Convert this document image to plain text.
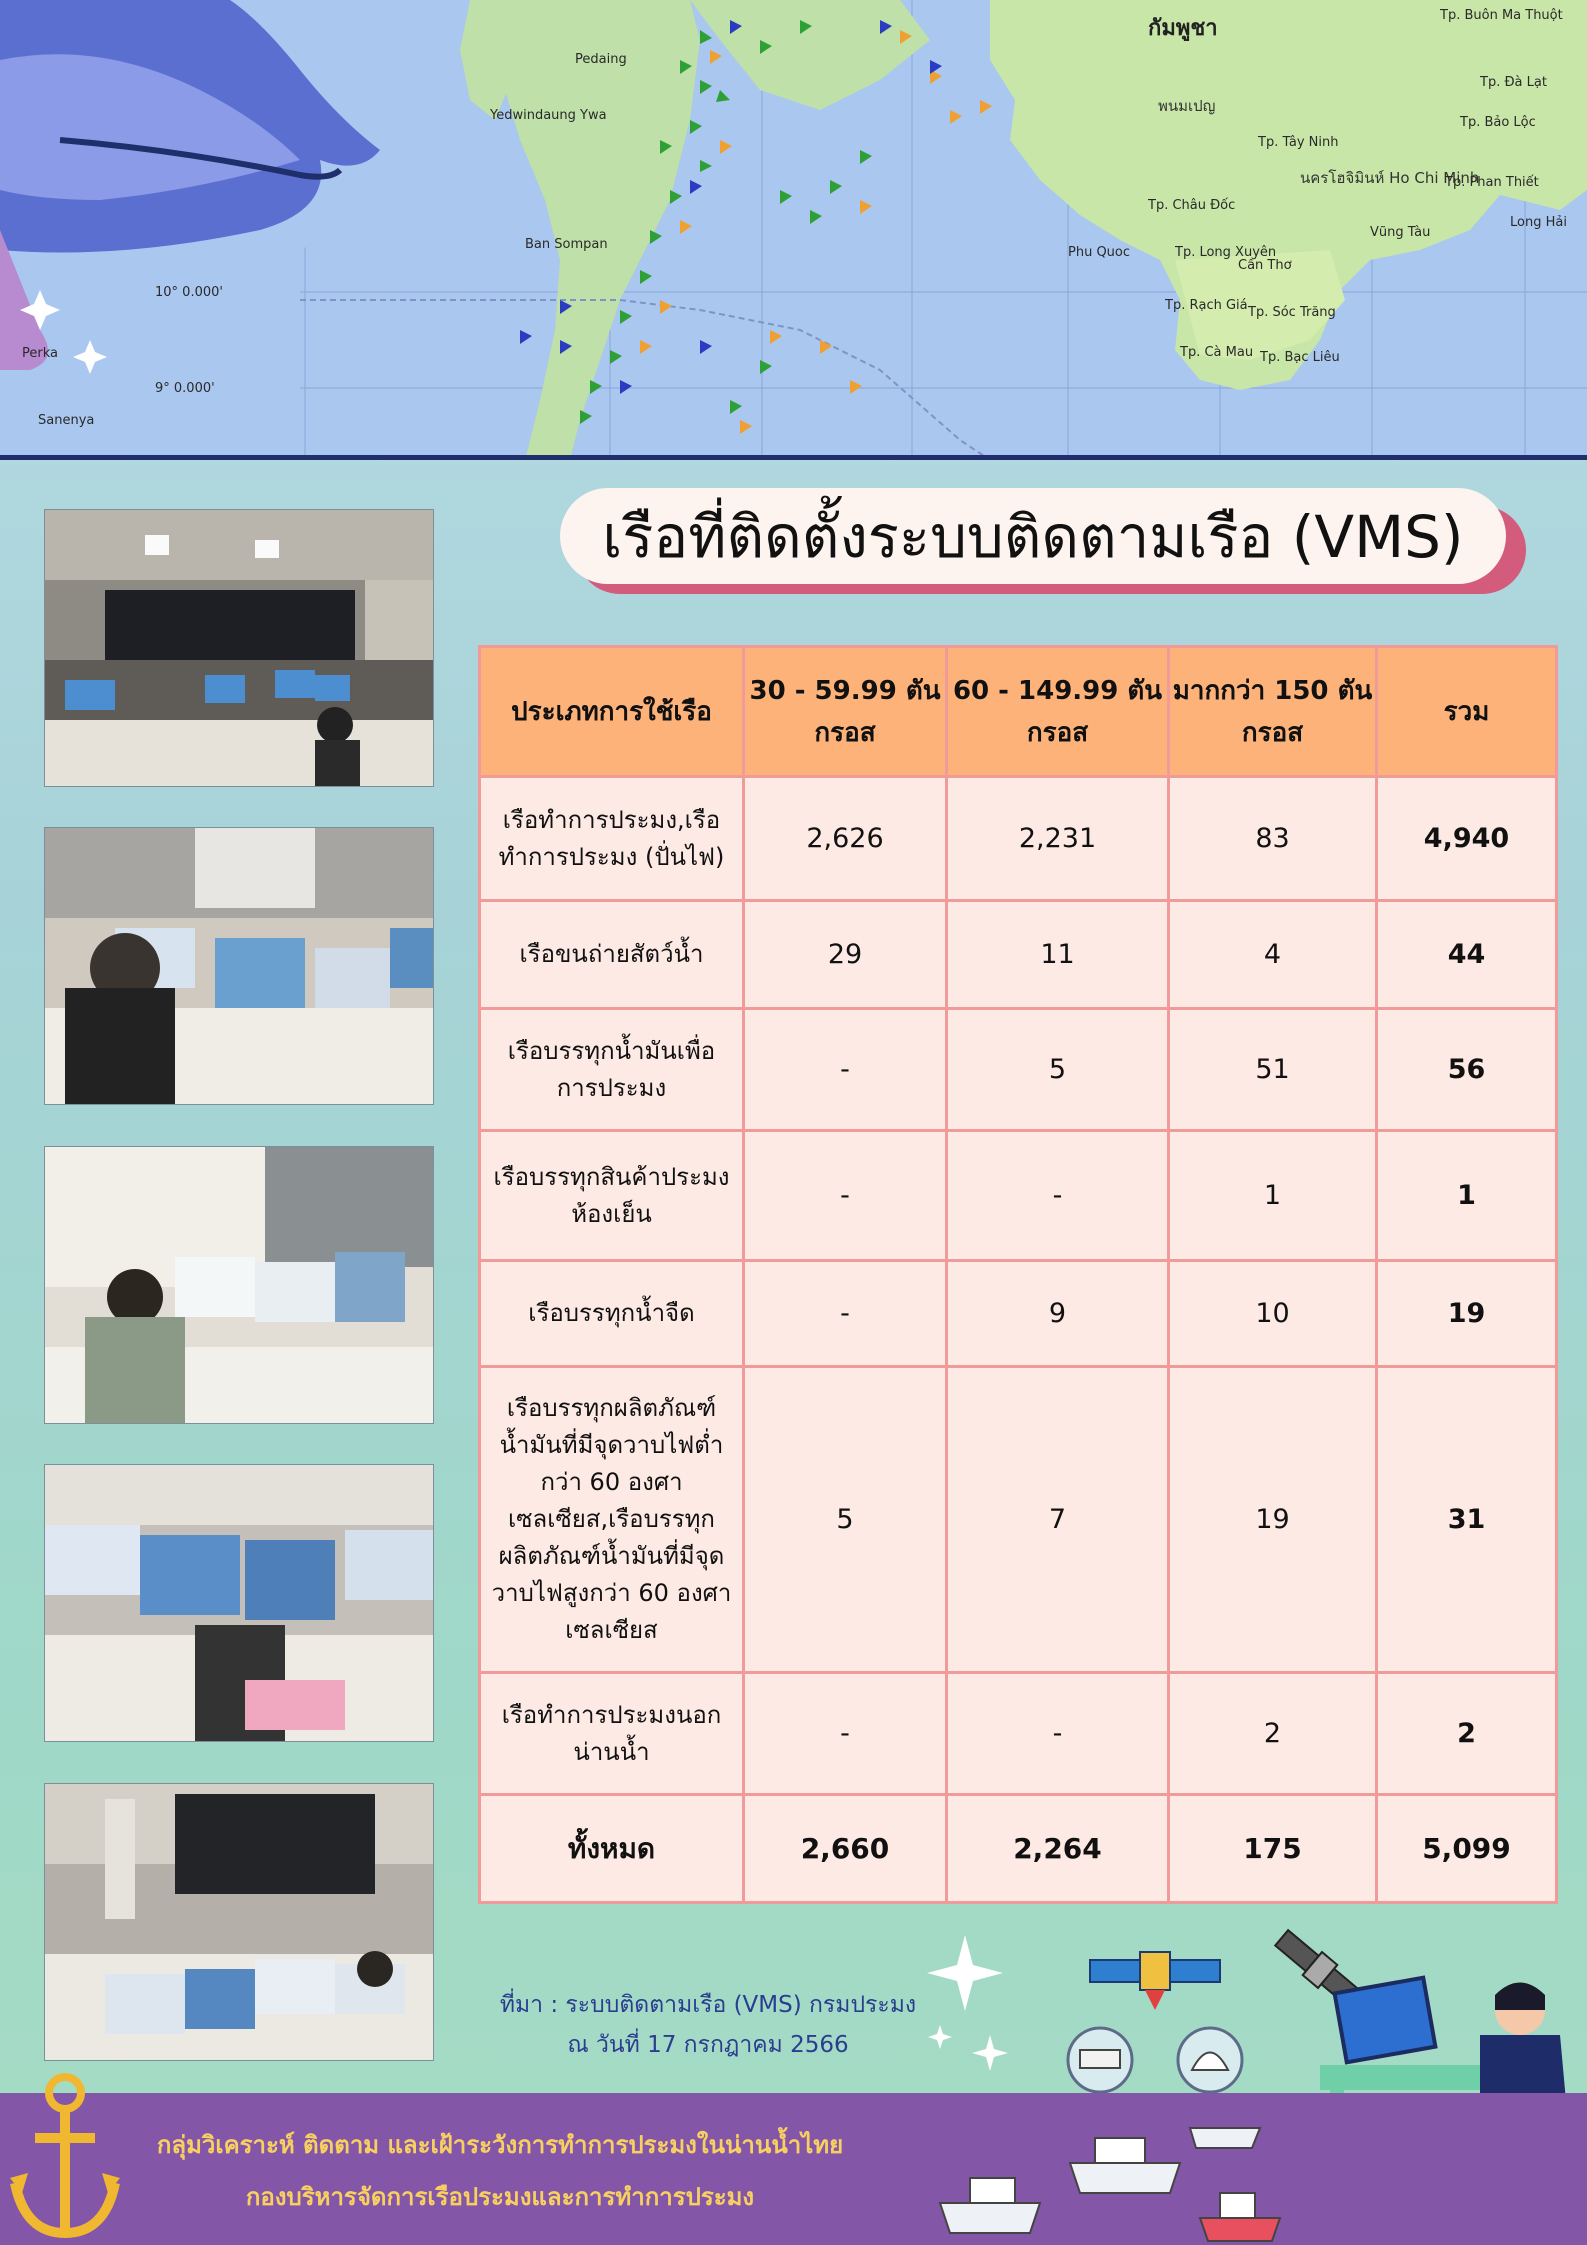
กัมพูชา
พนมเปญ
นครโฮจิมินห์ Ho Chi Minh
Tp. Tây Ninh
Tp. Phan Thiết
Vũng Tàu
Cần Thơ
Tp. Rạch Giá Tp. Sóc Trăng
Tp. Cà Mau Tp. Bạc Liêu
Phu Quoc	Tp. Long Xuyên
Tp. Châu Đốc
Tp. Đà Lạt
Tp. Bảo Lộc
Tp. Buôn Ma Thuột
Long Hải
Pedaing
Yedwindaung Ywa
Ban Sompan
10° 0.000'
9° 0.000'
Sanenya
Perka
เรือที่ติดตั้งระบบติดตามเรือ (VMS)
ประเภทการใช้เรือ	30 - 59.99 ตันกรอส	60 - 149.99 ตันกรอส	มากกว่า 150 ตันกรอส	รวม
เรือทำการประมง,เรือทำการประมง (ปั่นไฟ)	2,626	2,231	83	4,940
เรือขนถ่ายสัตว์น้ำ	29	11	4	44
เรือบรรทุกน้ำมันเพื่อการประมง	-	5	51	56
เรือบรรทุกสินค้าประมงห้องเย็น	-	-	1	1
เรือบรรทุกน้ำจืด	-	9	10	19
เรือบรรทุกผลิตภัณฑ์น้ำมันที่มีจุดวาบไฟต่ำกว่า 60 องศาเซลเซียส,เรือบรรทุกผลิตภัณฑ์น้ำมันที่มีจุดวาบไฟสูงกว่า 60 องศาเซลเซียส	5	7	19	31
เรือทำการประมงนอกน่านน้ำ	-	-	2	2
ทั้งหมด	2,660	2,264	175	5,099
ที่มา : ระบบติดตามเรือ (VMS) กรมประมง
ณ วันที่ 17 กรกฎาคม 2566
กลุ่มวิเคราะห์ ติดตาม และเฝ้าระวังการทำการประมงในน่านน้ำไทย
กองบริหารจัดการเรือประมงและการทำการประมง
